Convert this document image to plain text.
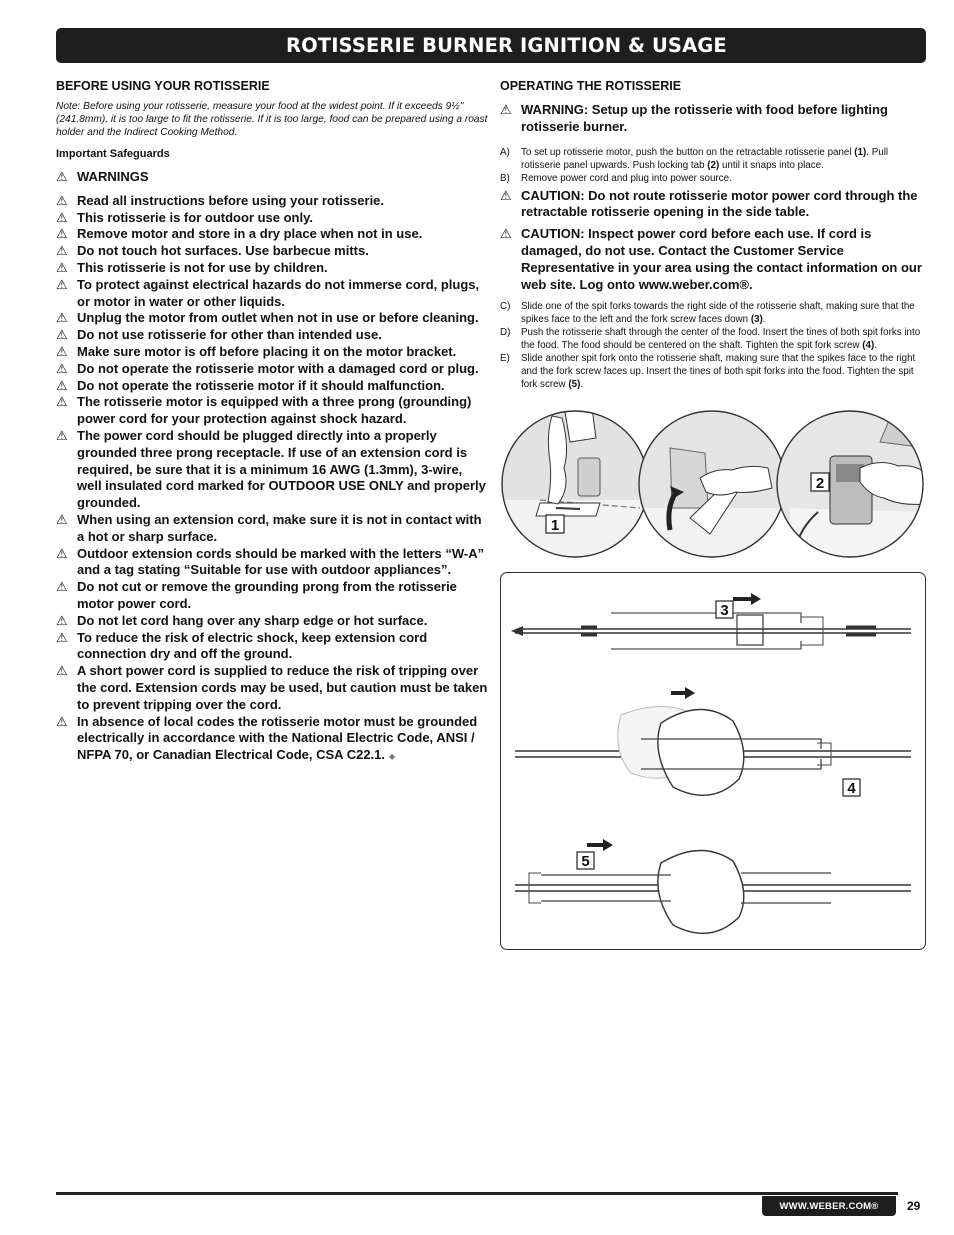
ROTISSERIE BURNER IGNITION & USAGE
BEFORE USING YOUR ROTISSERIE
Note: Before using your rotisserie, measure your food at the widest point. If it exceeds 9½" (241.8mm), it is too large to fit the rotisserie. If it is too large, food can be prepared using a roast holder and the Indirect Cooking Method.
Important Safeguards
⚠ WARNINGS
⚠ Read all instructions before using your rotisserie.
⚠ This rotisserie is for outdoor use only.
⚠ Remove motor and store in a dry place when not in use.
⚠ Do not touch hot surfaces. Use barbecue mitts.
⚠ This rotisserie is not for use by children.
⚠ To protect against electrical hazards do not immerse cord, plugs, or motor in water or other liquids.
⚠ Unplug the motor from outlet when not in use or before cleaning.
⚠ Do not use rotisserie for other than intended use.
⚠ Make sure motor is off before placing it on the motor bracket.
⚠ Do not operate the rotisserie motor with a damaged cord or plug.
⚠ Do not operate the rotisserie motor if it should malfunction.
⚠ The rotisserie motor is equipped with a three prong (grounding) power cord for your protection against shock hazard.
⚠ The power cord should be plugged directly into a properly grounded three prong receptacle. If use of an extension cord is required, be sure that it is a minimum 16 AWG (1.3mm), 3-wire, well insulated cord marked for OUTDOOR USE ONLY and properly grounded.
⚠ When using an extension cord, make sure it is not in contact with a hot or sharp surface.
⚠ Outdoor extension cords should be marked with the letters “W-A” and a tag stating “Suitable for use with outdoor appliances”.
⚠ Do not cut or remove the grounding prong from the rotisserie motor power cord.
⚠ Do not let cord hang over any sharp edge or hot surface.
⚠ To reduce the risk of electric shock, keep extension cord connection dry and off the ground.
⚠ A short power cord is supplied to reduce the risk of tripping over the cord. Extension cords may be used, but caution must be taken to prevent tripping over the cord.
⚠ In absence of local codes the rotisserie motor must be grounded electrically in accordance with the National Electric Code, ANSI / NFPA 70, or Canadian Electrical Code, CSA C22.1. ◆
OPERATING THE ROTISSERIE
⚠ WARNING: Setup up the rotisserie with food before lighting rotisserie burner.
A)	To set up rotisserie motor, push the button on the retractable rotisserie panel (1). Pull rotisserie panel upwards. Push locking tab (2) until it snaps into place.
B)	Remove power cord and plug into power source.
⚠ CAUTION: Do not route rotisserie motor power cord through the retractable rotisserie opening in the side table.
⚠ CAUTION: Inspect power cord before each use. If cord is damaged, do not use. Contact the Customer Service Representative in your area using the contact information on our web site. Log onto www.weber.com®.
C)	Slide one of the spit forks towards the right side of the rotisserie shaft, making sure that the spikes face to the left and the fork screw faces down (3).
D)	Push the rotisserie shaft through the center of the food. Insert the tines of both spit forks into the food. The food should be centered on the shaft. Tighten the spit fork screw (4).
E)	Slide another spit fork onto the rotisserie shaft, making sure that the spikes face to the right and the fork screw faces up. Insert the tines of both spit forks into the food. Tighten the spit fork screw (5).
1
2
3
4
5
WWW.WEBER.COM® 29
